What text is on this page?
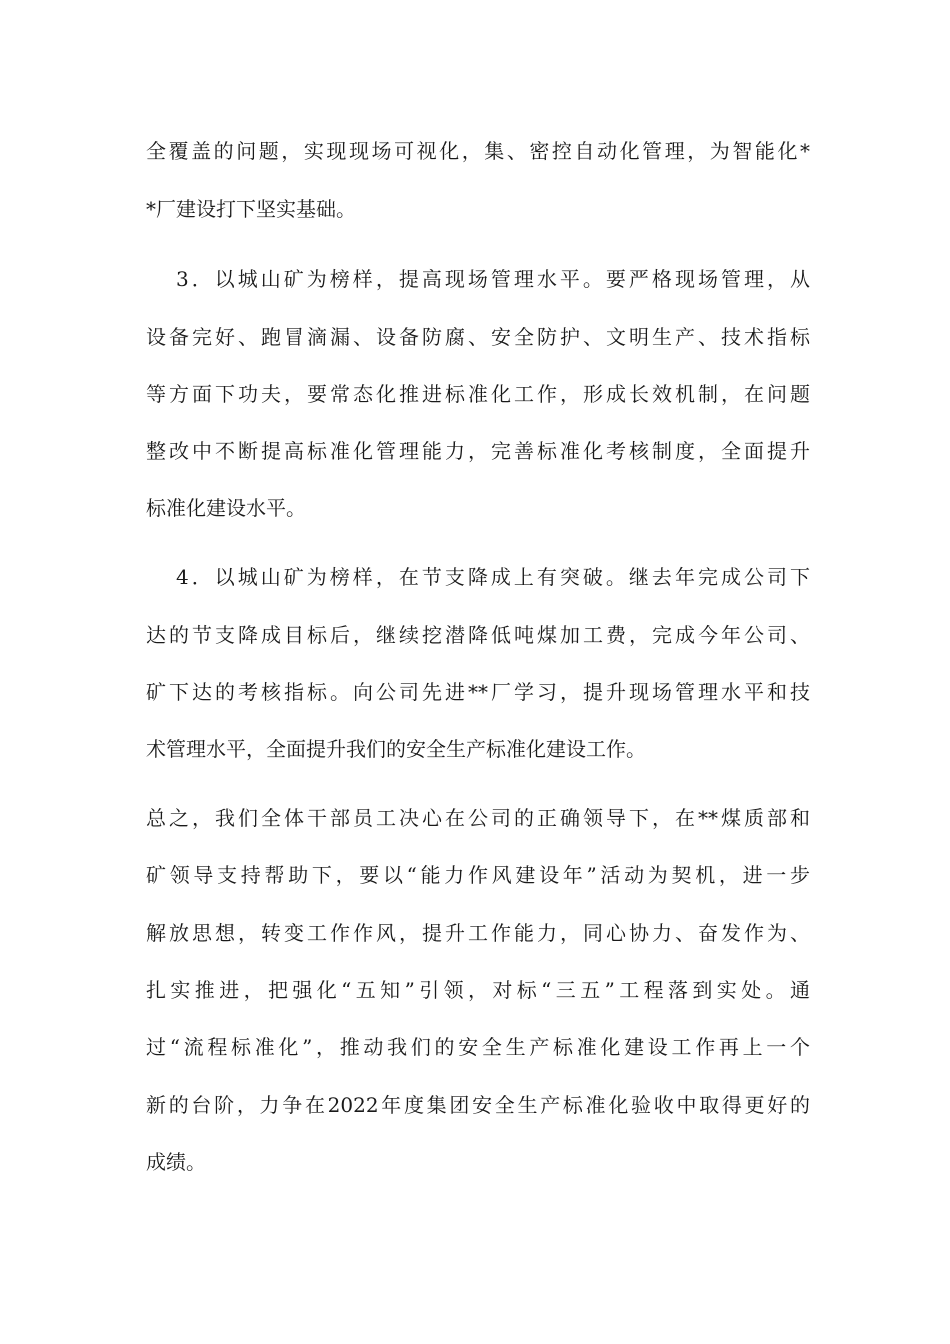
全覆盖的问题，实现现场可视化，集、密控自动化管理，为智能化*
*厂建设打下坚实基础。
3．以城山矿为榜样，提高现场管理水平。要严格现场管理，从
设备完好、跑冒滴漏、设备防腐、安全防护、文明生产、技术指标
等方面下功夫，要常态化推进标准化工作，形成长效机制，在问题
整改中不断提高标准化管理能力，完善标准化考核制度，全面提升
标准化建设水平。
4．以城山矿为榜样，在节支降成上有突破。继去年完成公司下
达的节支降成目标后，继续挖潜降低吨煤加工费，完成今年公司、
矿下达的考核指标。向公司先进**厂学习，提升现场管理水平和技
术管理水平，全面提升我们的安全生产标准化建设工作。
总之，我们全体干部员工决心在公司的正确领导下，在**煤质部和
矿领导支持帮助下，要以“能力作风建设年”活动为契机，进一步
解放思想，转变工作作风，提升工作能力，同心协力、奋发作为、
扎实推进，把强化“五知”引领，对标“三五”工程落到实处。通
过“流程标准化”，推动我们的安全生产标准化建设工作再上一个
新的台阶，力争在2022年度集团安全生产标准化验收中取得更好的
成绩。
